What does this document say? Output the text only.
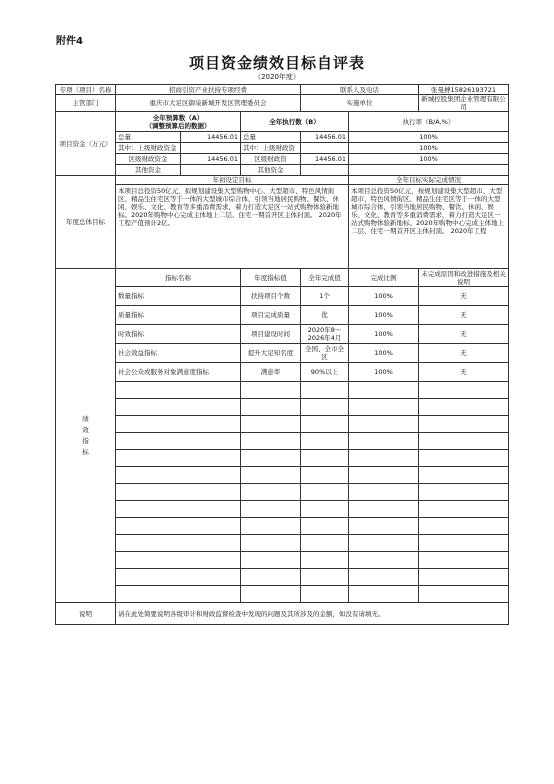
附件4
项目资金绩效目标自评表
（2020年度）
专项（项目）名称	招商引资产业扶持专项经费			联系人及电话		张曼搏15826193721
主管部门	重庆市大足区御泉新城开发区管理委员会			实施单位		新城控股集团企业管理有限公司
项目资金（万元）	全年预算数（A）
（调整预算后的数据）		全年执行数（B）		执行率（B/A,%）	
	总量	14456.01	总量	14456.01	100%	
	其中：上级财政资金		其中：上级财政资		100%	
	区级财政资金	14456.01	区级财政资	14456.01	100%	
	其他资金		其他资金			
年度总体目标	年初设定目标				全年目标实际完成情况	
	本项目总投资50亿元，拟规划建设集大型购物中心、大型超市、特色风情街区、精品生住宅区等于一体的大型城市综合体，引领当地居民购物、餐饮、休闲、娱乐、文化、教育等多重消费需求，着力打造大足区一站式购物体验新地标。2020年购物中心完成主体地上二层、住宅一期首开区主体封顶。 2020年工程产值预计2亿。				本项目总投资50亿元，按规划建设集大型超市、大型超市、特色风情街区、精品生住宅区等于一体的大型城市综合体，引领当地居民购物、餐饮、休闲、娱乐、文化、教育等多重消费需求，着力打造大足区一站式购物体验新地标。2020年购物中心完成主体地上二层、住宅一期首开区主体封顶。 2020年工程	
绩
效
指
标	指标名称		年度指标值	全年完成值	完成比例	未完成原因和改进措施及相关说明
	数量指标		扶持项目个数	1个	100%	无
	质量指标		项目完成质量	优	100%	无
	时效指标		项目建设时间	2020年8～2026年4月	100%	无
	社会效益指标		提升大足知名度	全国、全市全区	100%	无
	社会公众或服务对象满意度指标		满意率	90%以上	100%	无

说明	请在此处简要说明各级审计和财政监督检查中发现的问题及其所涉及的金额，如没有请填无。					
